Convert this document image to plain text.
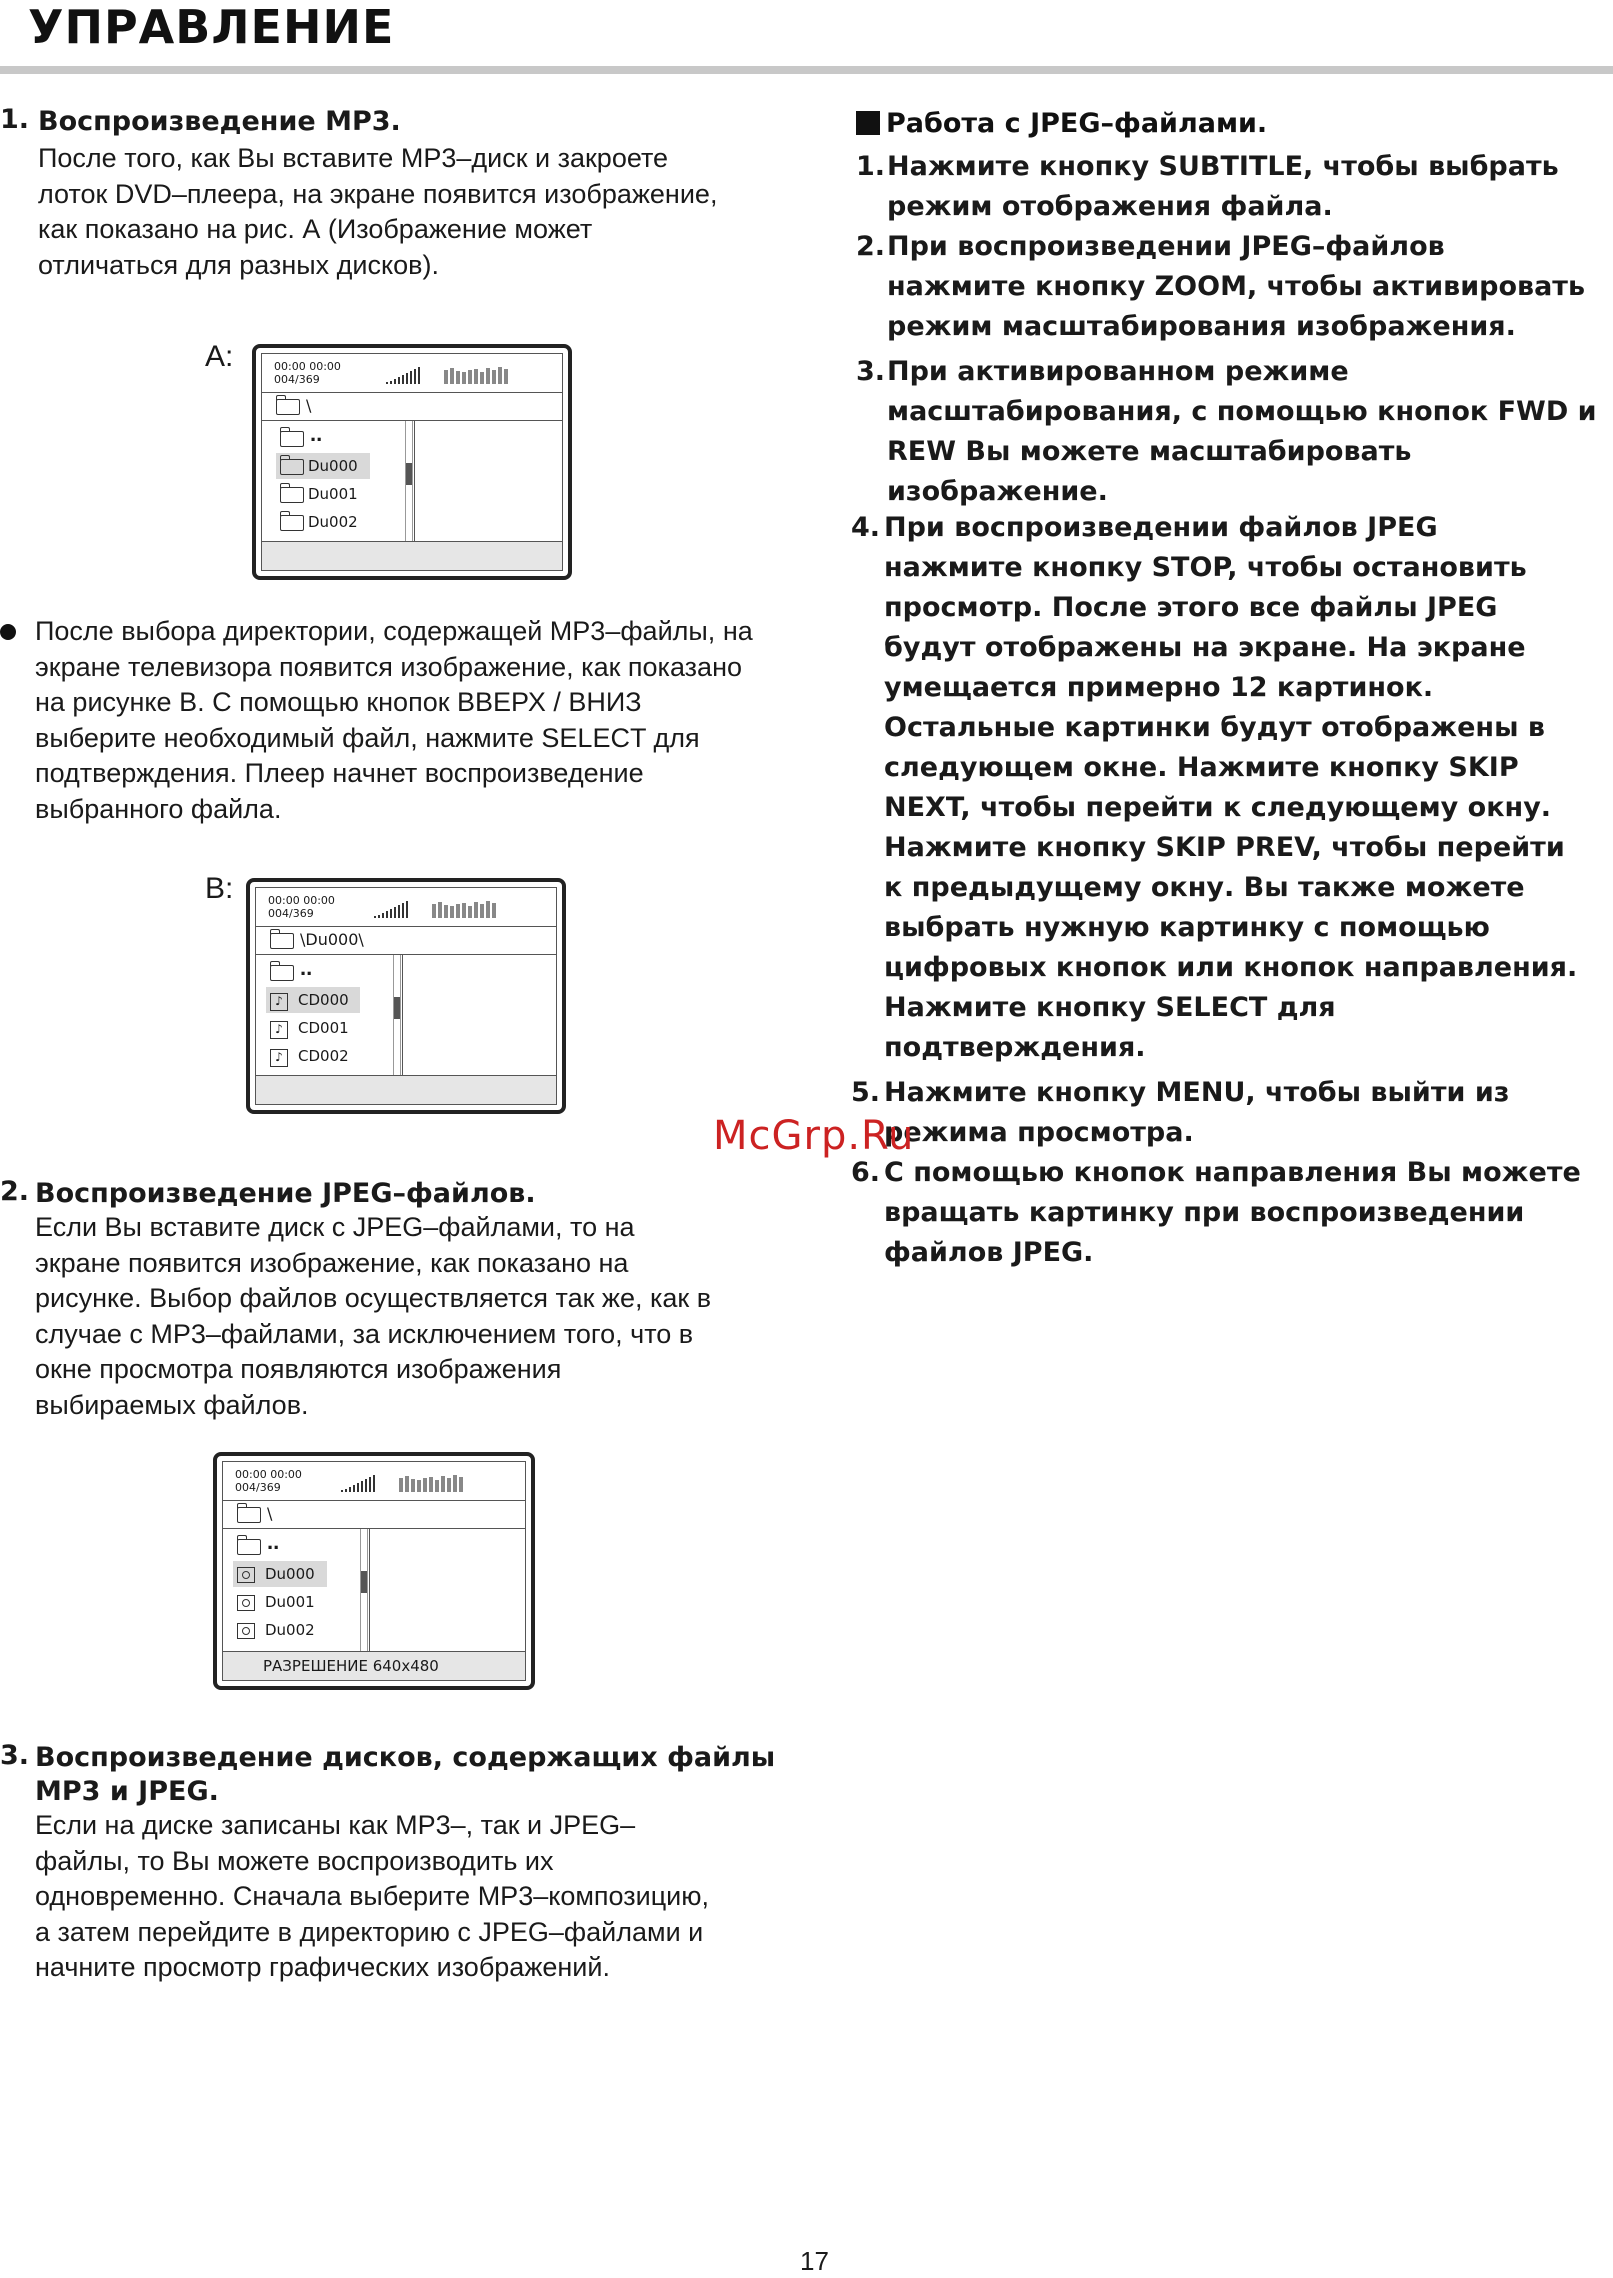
УПРАВЛЕНИЕ
1. Воспроизведение МР3.
После того, как Вы вставите МР3–диск и закроете
лоток DVD–плеера, на экране появится изображение,
как показано на рис. А (Изображение может
отличаться для разных дисков).
A:	00:00 00:00
004/369
\
..
Du000
Du001
Du002
После выбора директории, содержащей МР3–файлы, на
экране телевизора появится изображение, как показано
на рисунке В. С помощью кнопок ВВЕРХ / ВНИЗ
выберите необходимый файл, нажмите SELECT для
подтверждения. Плеер начнет воспроизведение
выбранного файла.
B:	00:00 00:00
004/369
\Du000\
..
♪	CD000
♪	CD001
♪	CD002
2. Воспроизведение JPEG–файлов.
Если Вы вставите диск с JPEG–файлами, то на
экране появится изображение, как показано на
рисунке. Выбор файлов осуществляется так же, как в
случае с МР3–файлами, за исключением того, что в
окне просмотра появляются изображения
выбираемых файлов.
00:00 00:00
004/369
\
..
Du000
Du001
Du002
РАЗРЕШЕНИЕ 640x480
3. Воспроизведение дисков, содержащих файлы
МР3 и JPEG.
Если на диске записаны как МР3–, так и JPEG–
файлы, то Вы можете воспроизводить их
одновременно. Сначала выберите МР3–композицию,
а затем перейдите в директорию с JPEG–файлами и
начните просмотр графических изображений.
Работа с JPEG–файлами.
1. Нажмите кнопку SUBTITLE, чтобы выбрать
режим отображения файла.
2. При воспроизведении JPEG–файлов
нажмите кнопку ZOOM, чтобы активировать
режим масштабирования изображения.
3. При активированном режиме
масштабирования, с помощью кнопок FWD и
REW Вы можете масштабировать
изображение.
4. При воспроизведении файлов JPEG
нажмите кнопку STOP, чтобы остановить
просмотр. После этого все файлы JPEG
будут отображены на экране. На экране
умещается примерно 12 картинок.
Остальные картинки будут отображены в
следующем окне. Нажмите кнопку SKIP
NEXT, чтобы перейти к следующему окну.
Нажмите кнопку SKIP PREV, чтобы перейти
к предыдущему окну. Вы также можете
выбрать нужную картинку с помощью
цифровых кнопок или кнопок направления.
Нажмите кнопку SELECT для
подтверждения.
5. Нажмите кнопку MENU, чтобы выйти из
режима просмотра.
6. С помощью кнопок направления Вы можете
вращать картинку при воспроизведении
файлов JPEG.
McGrp.Ru
17
